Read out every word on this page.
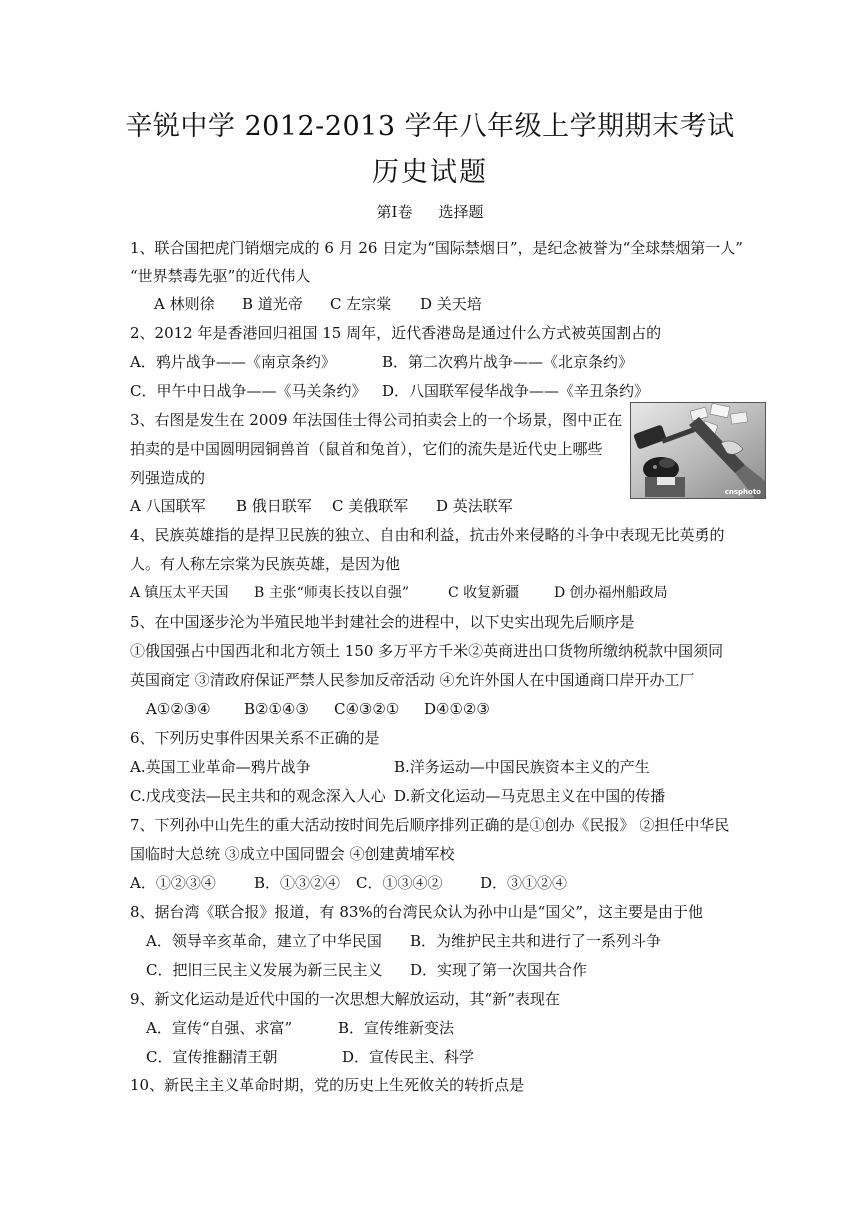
辛锐中学 2012-2013 学年八年级上学期期末考试
历史试题
第Ⅰ卷 选择题
1、联合国把虎门销烟完成的 6 月 26 日定为“国际禁烟日”，是纪念被誉为“全球禁烟第一人”
“世界禁毒先驱”的近代伟人
A 林则徐 B 道光帝 C 左宗棠 D 关天培
2、2012 年是香港回归祖国 15 周年，近代香港岛是通过什么方式被英国割占的
A．鸦片战争——《南京条约》	B．第二次鸦片战争——《北京条约》
C．甲午中日战争——《马关条约》 D．八国联军侵华战争——《辛丑条约》
3、右图是发生在 2009 年法国佳士得公司拍卖会上的一个场景，图中正在
拍卖的是中国圆明园铜兽首（鼠首和兔首），它们的流失是近代史上哪些
列强造成的
A 八国联军 B 俄日联军 C 美俄联军 D 英法联军
cnsphoto
4、民族英雄指的是捍卫民族的独立、自由和利益，抗击外来侵略的斗争中表现无比英勇的
人。有人称左宗棠为民族英雄，是因为他
A 镇压太平天国 B 主张“师夷长技以自强”	C 收复新疆 D 创办福州船政局
5、在中国逐步沦为半殖民地半封建社会的进程中，以下史实出现先后顺序是
①俄国强占中国西北和北方领土 150 多万平方千米②英商进出口货物所缴纳税款中国须同
英国商定 ③清政府保证严禁人民参加反帝活动 ④允许外国人在中国通商口岸开办工厂
A①②③④ B②①④③ C④③②① D④①②③
6、下列历史事件因果关系不正确的是
A.英国工业革命—鸦片战争	B.洋务运动—中国民族资本主义的产生
C.戊戌变法—民主共和的观念深入人心 D.新文化运动—马克思主义在中国的传播
7、下列孙中山先生的重大活动按时间先后顺序排列正确的是①创办《民报》 ②担任中华民
国临时大总统 ③成立中国同盟会 ④创建黄埔军校
A．①②③④	B．①③②④ C．①③④②	D．③①②④
8、据台湾《联合报》报道，有 83%的台湾民众认为孙中山是“国父”，这主要是由于他
A．领导辛亥革命，建立了中华民国 B．为维护民主共和进行了一系列斗争
C．把旧三民主义发展为新三民主义 D．实现了第一次国共合作
9、新文化运动是近代中国的一次思想大解放运动，其“新”表现在
A．宣传“自强、求富”	B．宣传维新变法
C．宣传推翻清王朝	D．宣传民主、科学
10、新民主主义革命时期，党的历史上生死攸关的转折点是
